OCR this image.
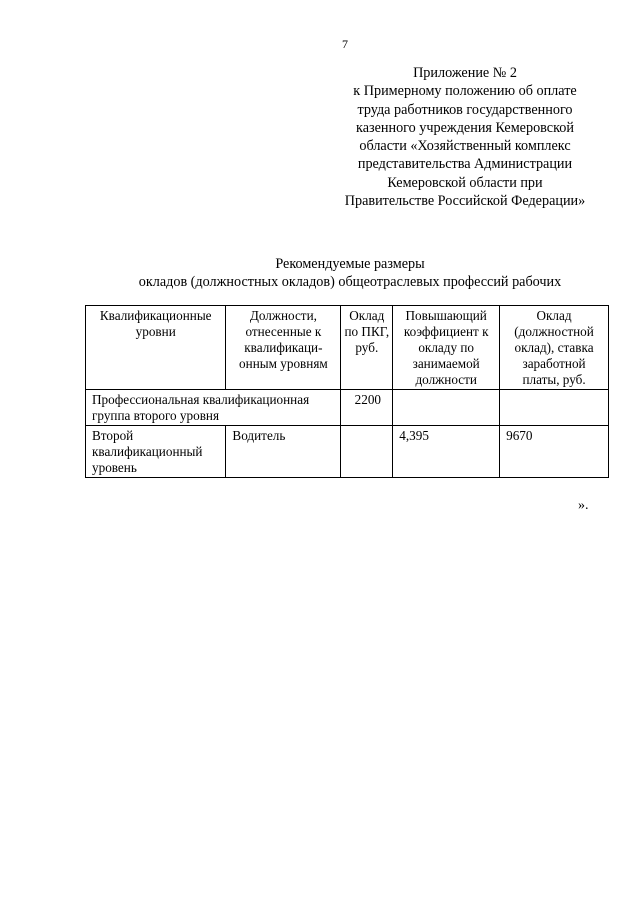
7
Приложение № 2
к Примерному положению об оплате
труда работников государственного
казенного учреждения Кемеровской
области «Хозяйственный комплекс
представительства Администрации
Кемеровской области при
Правительстве Российской Федерации»
Рекомендуемые размеры
окладов (должностных окладов) общеотраслевых профессий рабочих
Квалификационные уровни	Должности, отнесенные к квалификаци-онным уровням	Оклад по ПКГ, руб.	Повышающий коэффициент к окладу по занимаемой должности	Оклад (должностной оклад), ставка заработной платы, руб.
Профессиональная квалификационная группа второго уровня		2200		
Второй квалификационный уровень	Водитель		4,395	9670
».
